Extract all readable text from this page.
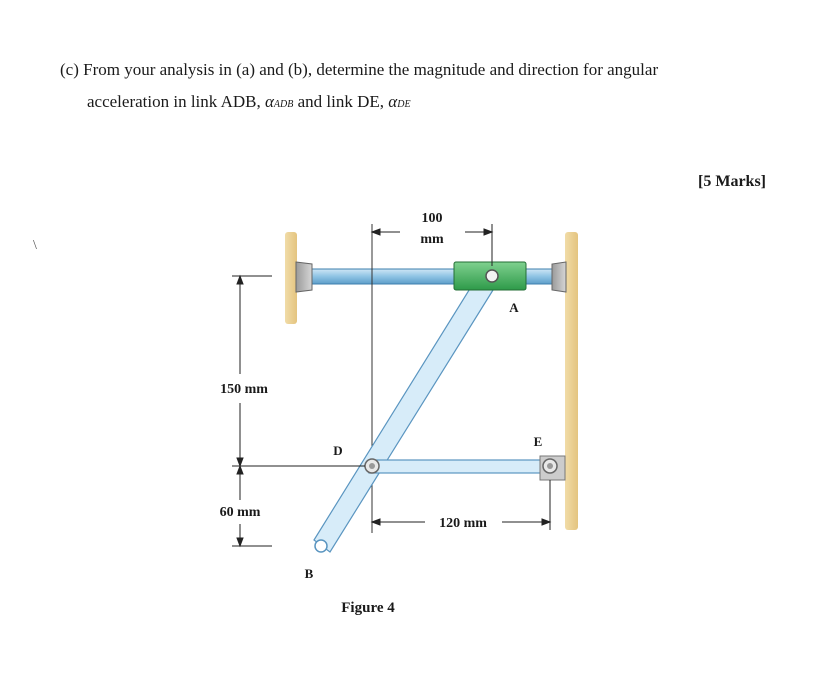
(c) From your analysis in (a) and (b), determine the magnitude and direction for angular
acceleration in link ADB, αADB and link DE, αDE
[5 Marks]
\
100
mm
150 mm
60 mm
120 mm
A
D
E
B
Figure 4
